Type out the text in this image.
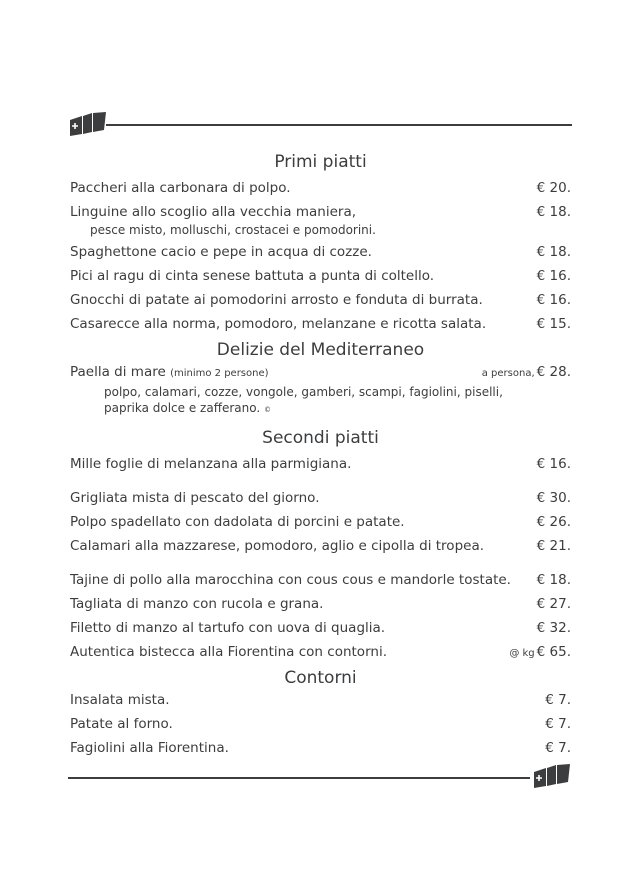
Primi piatti
Paccheri alla carbonara di polpo.	€ 20.
Linguine allo scoglio alla vecchia maniera,	€ 18.
pesce misto, molluschi, crostacei e pomodorini.
Spaghettone cacio e pepe in acqua di cozze.	€ 18.
Pici al ragu di cinta senese battuta a punta di coltello.	€ 16.
Gnocchi di patate ai pomodorini arrosto e fonduta di burrata.	€ 16.
Casarecce alla norma, pomodoro, melanzane e ricotta salata.	€ 15.
Delizie del Mediterraneo
Paella di mare (minimo 2 persone)	a persona, € 28.
polpo, calamari, cozze, vongole, gamberi, scampi, fagiolini, piselli, paprika dolce e zafferano. ©
Secondi piatti
Mille foglie di melanzana alla parmigiana.	€ 16.
Grigliata mista di pescato del giorno.	€ 30.
Polpo spadellato con dadolata di porcini e patate.	€ 26.
Calamari alla mazzarese, pomodoro, aglio e cipolla di tropea.	€ 21.
Tajine di pollo alla marocchina con cous cous e mandorle tostate. € 18.
Tagliata di manzo con rucola e grana.	€ 27.
Filetto di manzo al tartufo con uova di quaglia.	€ 32.
Autentica bistecca alla Fiorentina con contorni.	@ kg € 65.
Contorni
Insalata mista.	€ 7.
Patate al forno.	€ 7.
Fagiolini alla Fiorentina.	€ 7.
